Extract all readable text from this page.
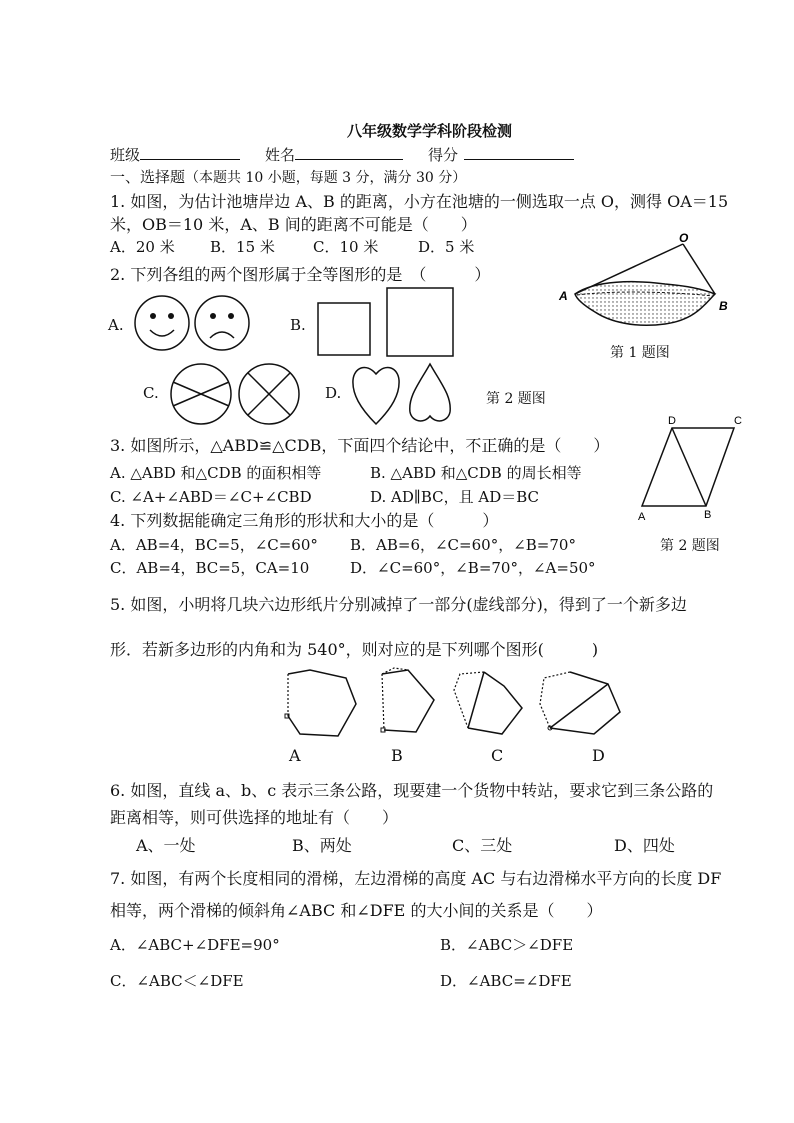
八年级数学学科阶段检测
班级	姓名	得分
一、选择题（本题共 10 小题，每题 3 分，满分 30 分）
1. 如图，为估计池塘岸边 A、B 的距离，小方在池塘的一侧选取一点 O，测得 OA＝15
米，OB＝10 米，A、B 间的距离不可能是（　　）
A．20 米 B．15 米	C．10 米	D．5 米
A
B
O
第 1 题图
2. 下列各组的两个图形属于全等图形的是　（　　　）
A.	B.
C.	D.	第 2 题图
3. 如图所示，△ABD≌△CDB，下面四个结论中，不正确的是（　　）
A. △ABD 和△CDB 的面积相等	B. △ABD 和△CDB 的周长相等
C. ∠A+∠ABD＝∠C+∠CBD	D. AD∥BC，且 AD＝BC
D	C
A	B
第 2 题图
4. 下列数据能确定三角形的形状和大小的是（　　　）
A．AB=4，BC=5，∠C=60° B．AB=6，∠C=60°，∠B=70°
C．AB=4，BC=5，CA=10	D．∠C=60°，∠B=70°，∠A=50°
5. 如图，小明将几块六边形纸片分别减掉了一部分(虚线部分)，得到了一个新多边
形．若新多边形的内角和为 540°，则对应的是下列哪个图形(　　　)
A	B	C	D
6. 如图，直线 a、b、c 表示三条公路，现要建一个货物中转站，要求它到三条公路的
距离相等，则可供选择的地址有（　　）
A、一处	B、两处	C、三处	D、四处
7. 如图，有两个长度相同的滑梯，左边滑梯的高度 AC 与右边滑梯水平方向的长度 DF
相等，两个滑梯的倾斜角∠ABC 和∠DFE 的大小间的关系是（　　）
A．∠ABC+∠DFE=90°	B．∠ABC＞∠DFE
C．∠ABC＜∠DFE	D．∠ABC=∠DFE
